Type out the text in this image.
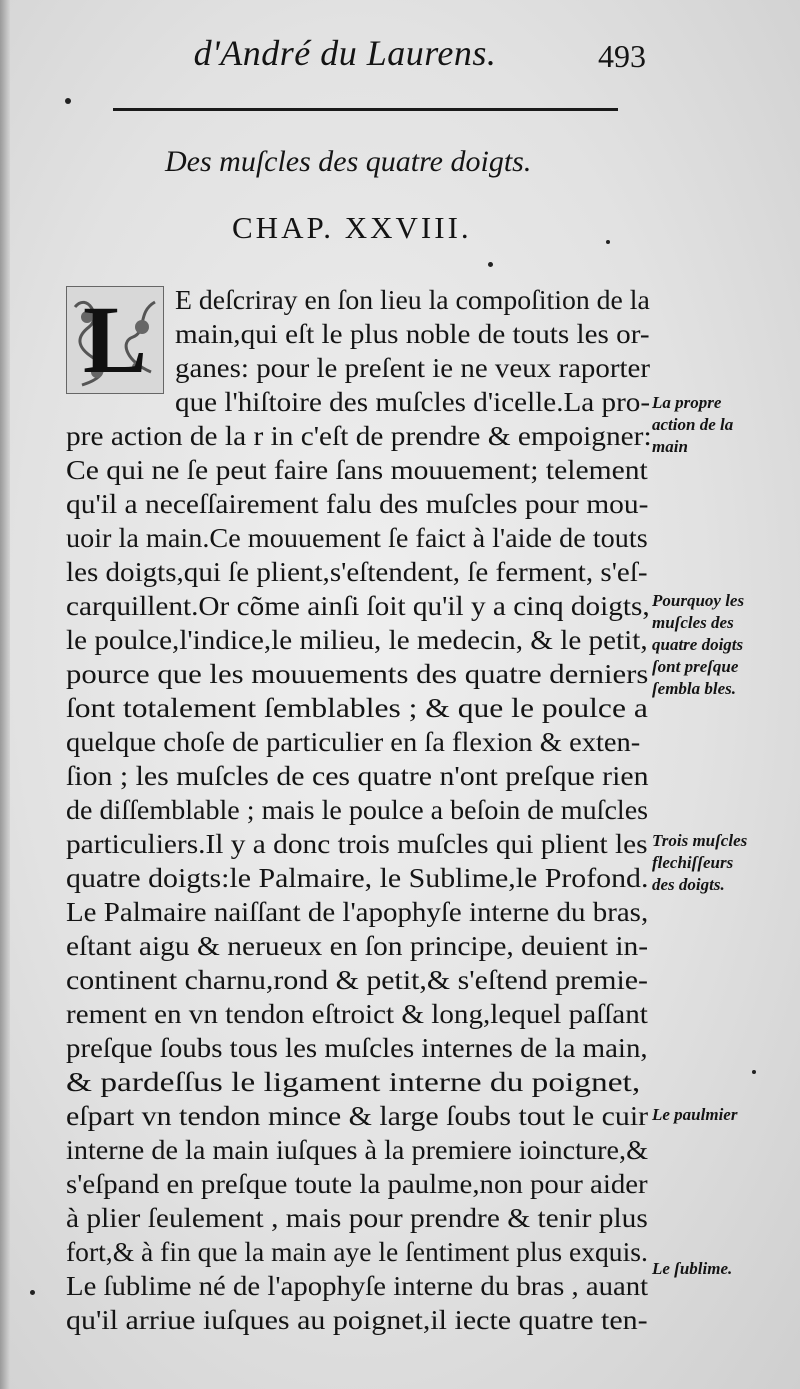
d'André du Laurens.	493
Des muſcles des quatre doigts.
CHAP. XXVIII.
L	E deſcriray en ſon lieu la compoſition de la
main,qui eſt le plus noble de touts les or-
ganes: pour le preſent ie ne veux raporter
que l'hiſtoire des muſcles d'icelle.La pro-
pre action de la r in c'eſt de prendre & empoigner:
Ce qui ne ſe peut faire ſans mouuement; telement
qu'il a neceſſairement falu des muſcles pour mou-
uoir la main.Ce mouuement ſe faict à l'aide de touts
les doigts,qui ſe plient,s'eſtendent, ſe ferment, s'eſ-
carquillent.Or cõme ainſi ſoit qu'il y a cinq doigts,
le poulce,l'indice,le milieu, le medecin, & le petit,
pource que les mouuements des quatre derniers
ſont totalement ſemblables ; & que le poulce a
quelque choſe de particulier en ſa flexion & exten-
ſion ; les muſcles de ces quatre n'ont preſque rien
de diſſemblable ; mais le poulce a beſoin de muſcles
particuliers.Il y a donc trois muſcles qui plient les
quatre doigts:le Palmaire, le Sublime,le Profond.
Le Palmaire naiſſant de l'apophyſe interne du bras,
eſtant aigu & nerueux en ſon principe, deuient in-
continent charnu,rond & petit,& s'eſtend premie-
rement en vn tendon eſtroict & long,lequel paſſant
preſque ſoubs tous les muſcles internes de la main,
& pardeſſus le ligament interne du poignet,
eſpart vn tendon mince & large ſoubs tout le cuir
interne de la main iuſques à la premiere ioincture,&
s'eſpand en preſque toute la paulme,non pour aider
à plier ſeulement , mais pour prendre & tenir plus
fort,& à fin que la main aye le ſentiment plus exquis.
Le ſublime né de l'apophyſe interne du bras , auant
qu'il arriue iuſques au poignet,il iecte quatre ten-
La propre
action de la
main
Pourquoy les
muſcles des
quatre doigts
ſont preſque
ſembla bles.
Trois muſcles
flechiſſeurs
des doigts.
Le paulmier
Le ſublime.
